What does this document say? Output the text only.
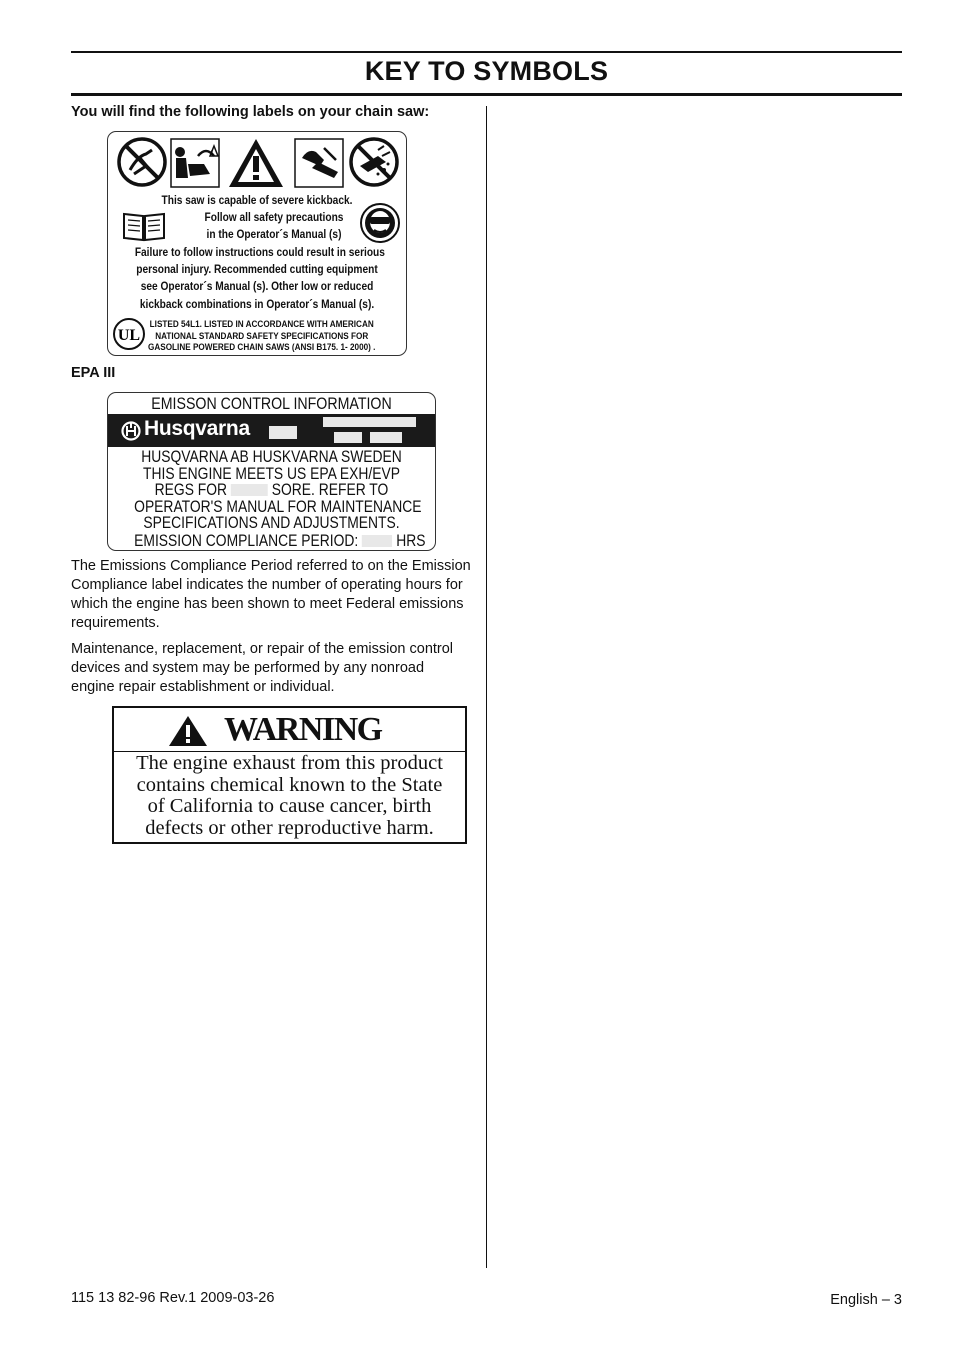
KEY TO SYMBOLS
You will find the following labels on your chain saw:
!
This saw is capable of severe kickback.
Follow all safety precautions
in the Operator´s Manual (s)
Failure to follow instructions could result in serious
personal injury. Recommended cutting equipment
see Operator´s Manual (s). Other low or reduced
kickback combinations in Operator´s Manual (s).
UL
LISTED 54L1. LISTED IN ACCORDANCE WITH AMERICAN
NATIONAL STANDARD SAFETY SPECIFICATIONS FOR
GASOLINE POWERED CHAIN SAWS (ANSI B175. 1- 2000) .
EPA III
EMISSON CONTROL INFORMATION
Husqvarna
HUSQVARNA AB HUSKVARNA SWEDEN
THIS ENGINE MEETS US EPA EXH/EVP
REGS FOR	SORE. REFER TO
OPERATOR'S MANUAL FOR MAINTENANCE
SPECIFICATIONS AND ADJUSTMENTS.
EMISSION COMPLIANCE PERIOD: HRS
The Emissions Compliance Period referred to on the Emission Compliance label indicates the number of operating hours for which the engine has been shown to meet Federal emissions requirements.
Maintenance, replacement, or repair of the emission control devices and system may be performed by any nonroad engine repair establishment or individual.
WARNING
The engine exhaust from this product
contains chemical known to the State
of California to cause cancer, birth
defects or other reproductive harm.
115 13 82-96 Rev.1 2009-03-26	English – 3
